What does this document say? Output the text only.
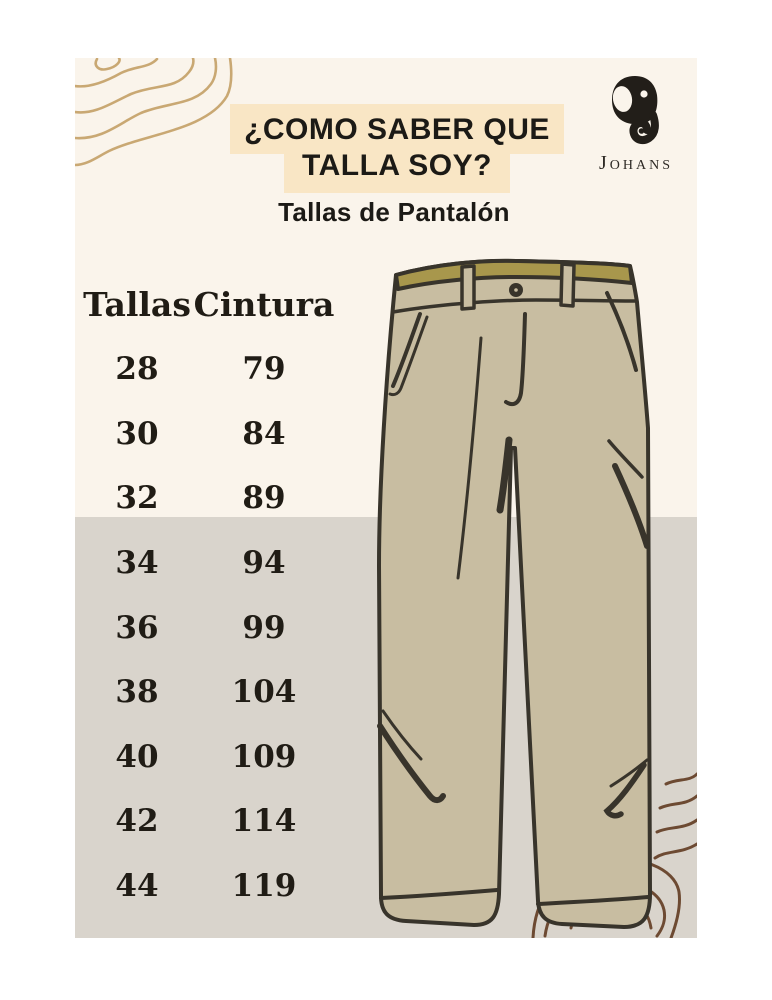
¿COMO SABER QUE
TALLA SOY?
Tallas de Pantalón
Johans
Tallas Cintura
28	79
30	84
32	89
34	94
36	99
38 104
40 109
42 114
44 119
